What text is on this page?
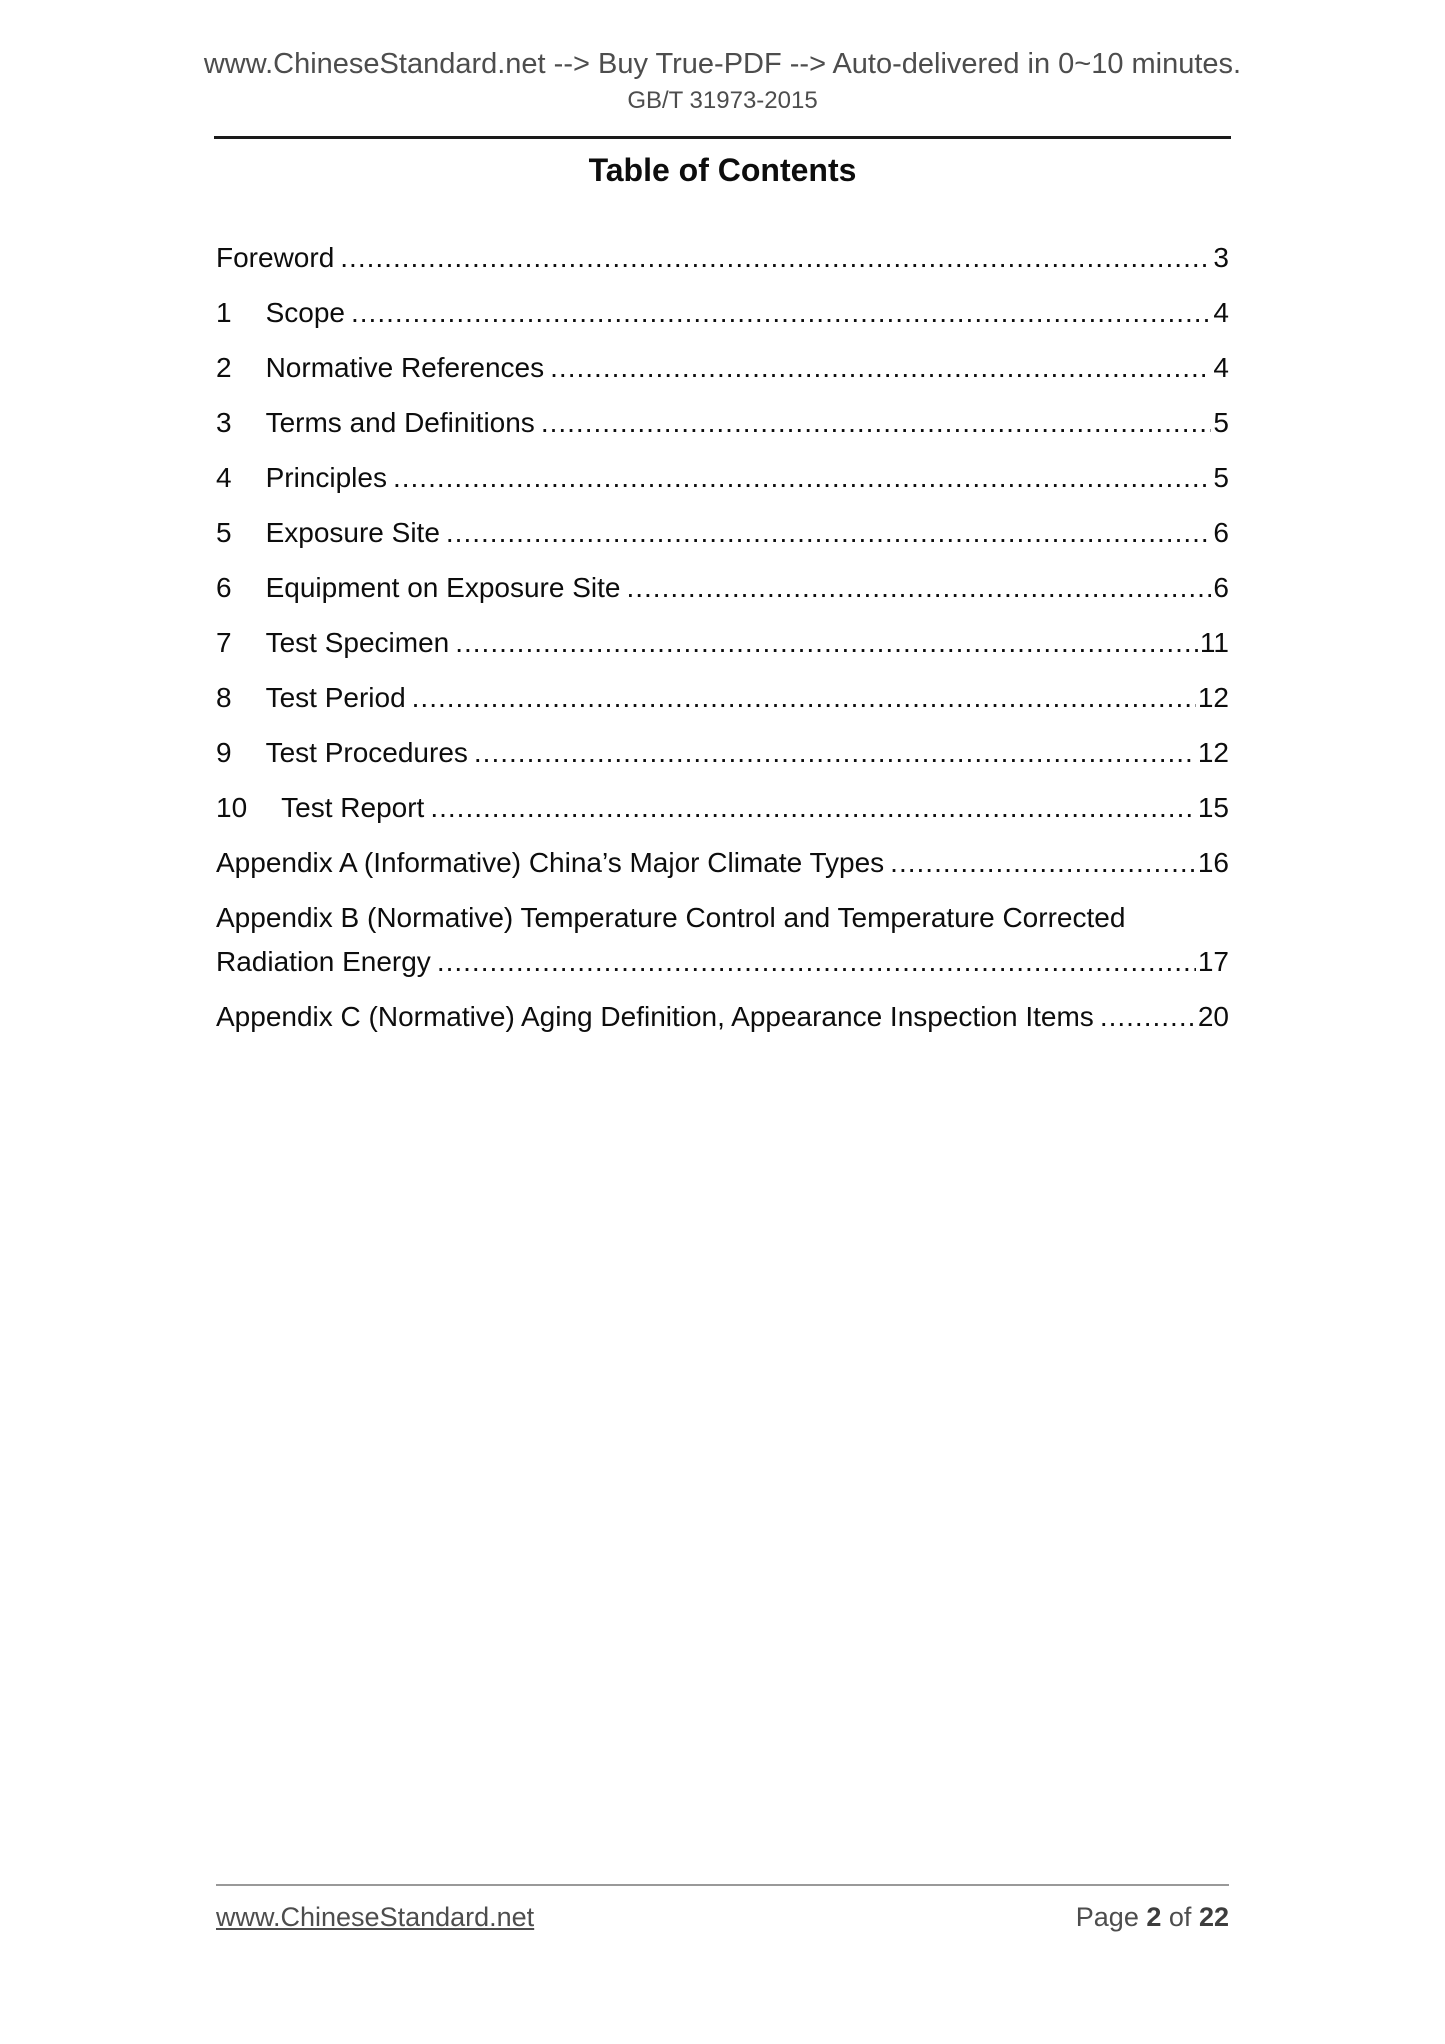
www.ChineseStandard.net --> Buy True-PDF --> Auto-delivered in 0~10 minutes.
GB/T 31973-2015
Table of Contents
Foreword .....	3
1 Scope .....	4
2 Normative References .....	4
3 Terms and Definitions .....	5
4 Principles .....	5
5 Exposure Site .....	6
6 Equipment on Exposure Site .....	6
7 Test Specimen .....	11
8 Test Period .....	12
9 Test Procedures .....	12
10 Test Report .....	15
Appendix A (Informative) China’s Major Climate Types .....	16
Appendix B (Normative) Temperature Control and Temperature Corrected
Radiation Energy .....	17
Appendix C (Normative) Aging Definition, Appearance Inspection Items .....	20
www.ChineseStandard.net	Page 2 of 22
